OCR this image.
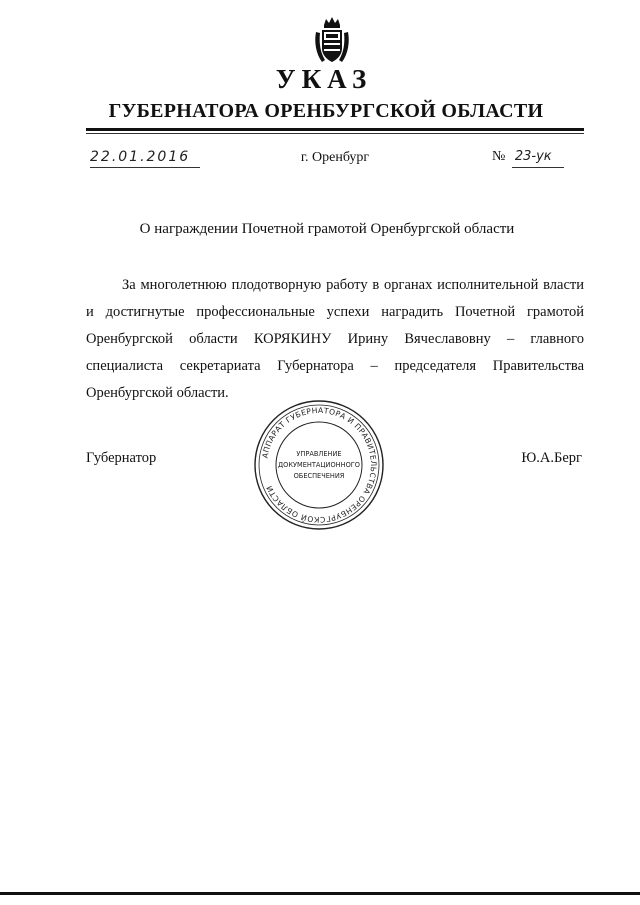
УКАЗ
ГУБЕРНАТОРА ОРЕНБУРГСКОЙ ОБЛАСТИ
22.01.2016	г. Оренбург	№ 23-ук
О награждении Почетной грамотой Оренбургской области

За многолетнюю плодотворную работу в органах исполнительной власти и достигнутые профессиональные успехи наградить Почетной грамотой Оренбургской области КОРЯКИНУ Ирину Вячеславовну – главного специалиста секретариата Губернатора – председателя Правительства Оренбургской области.

Губернатор	Ю.А.Берг
АППАРАТ ГУБЕРНАТОРА И ПРАВИТЕЛЬСТВА ОРЕНБУРГСКОЙ ОБЛАСТИ
УПРАВЛЕНИЕ
ДОКУМЕНТАЦИОННОГО
ОБЕСПЕЧЕНИЯ
